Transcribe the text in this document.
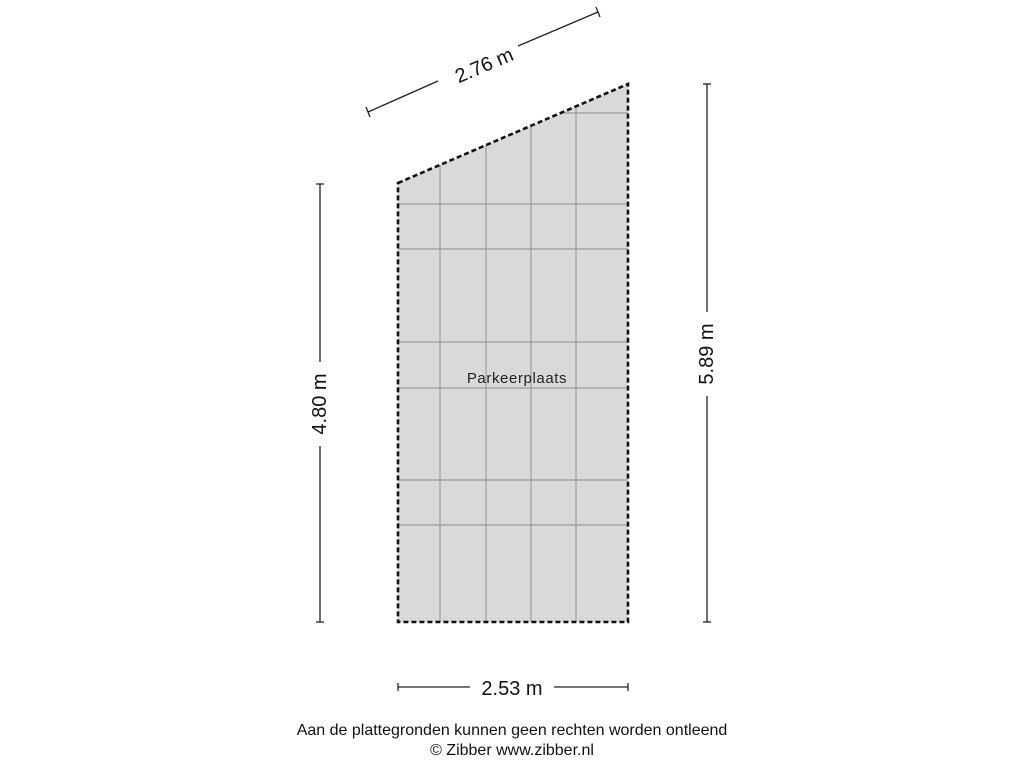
Parkeerplaats
2.76 m
4.80 m
5.89 m
2.53 m
Aan de plattegronden kunnen geen rechten worden ontleend
© Zibber www.zibber.nl
